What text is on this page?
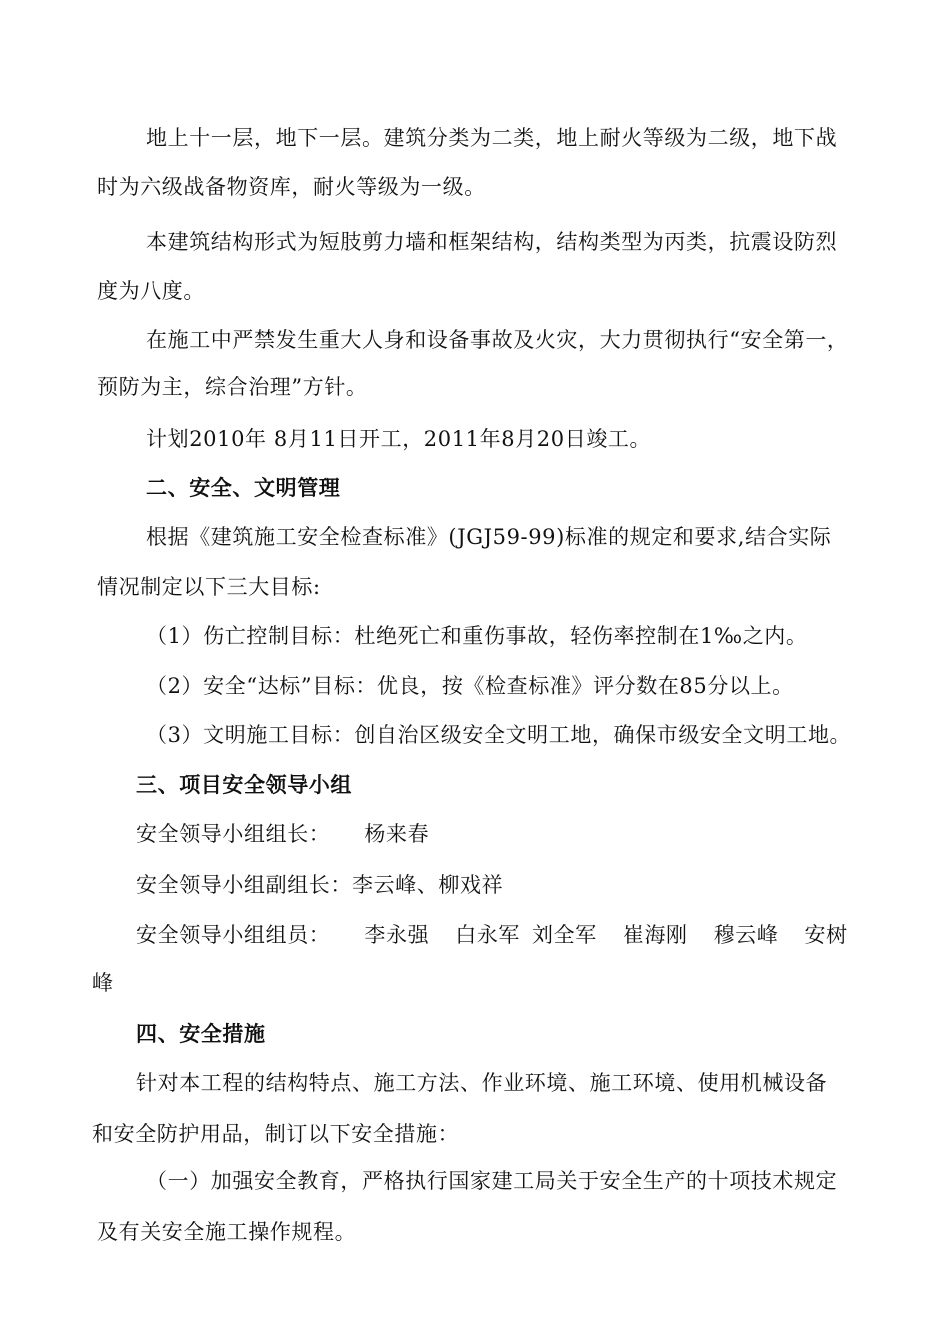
地上十一层，地下一层。建筑分类为二类，地上耐火等级为二级，地下战
时为六级战备物资库，耐火等级为一级。
本建筑结构形式为短肢剪力墙和框架结构，结构类型为丙类，抗震设防烈
度为八度。
在施工中严禁发生重大人身和设备事故及火灾，大力贯彻执行“安全第一，
预防为主，综合治理”方针。
计划2010年 8月11日开工，2011年8月20日竣工。
二、安全、文明管理
根据《建筑施工安全检查标准》(JGJ59-99)标准的规定和要求,结合实际
情况制定以下三大目标:
（1）伤亡控制目标：杜绝死亡和重伤事故，轻伤率控制在1‰之内。
（2）安全“达标”目标：优良，按《检查标准》评分数在85分以上。
（3）文明施工目标：创自治区级安全文明工地，确保市级安全文明工地。
三、项目安全领导小组
安全领导小组组长： 杨来春
安全领导小组副组长：李云峰、柳戏祥
安全领导小组组员： 李永强 白永军 刘全军 崔海刚 穆云峰 安树
峰
四、安全措施
针对本工程的结构特点、施工方法、作业环境、施工环境、使用机械设备
和安全防护用品，制订以下安全措施：
（一）加强安全教育，严格执行国家建工局关于安全生产的十项技术规定
及有关安全施工操作规程。
